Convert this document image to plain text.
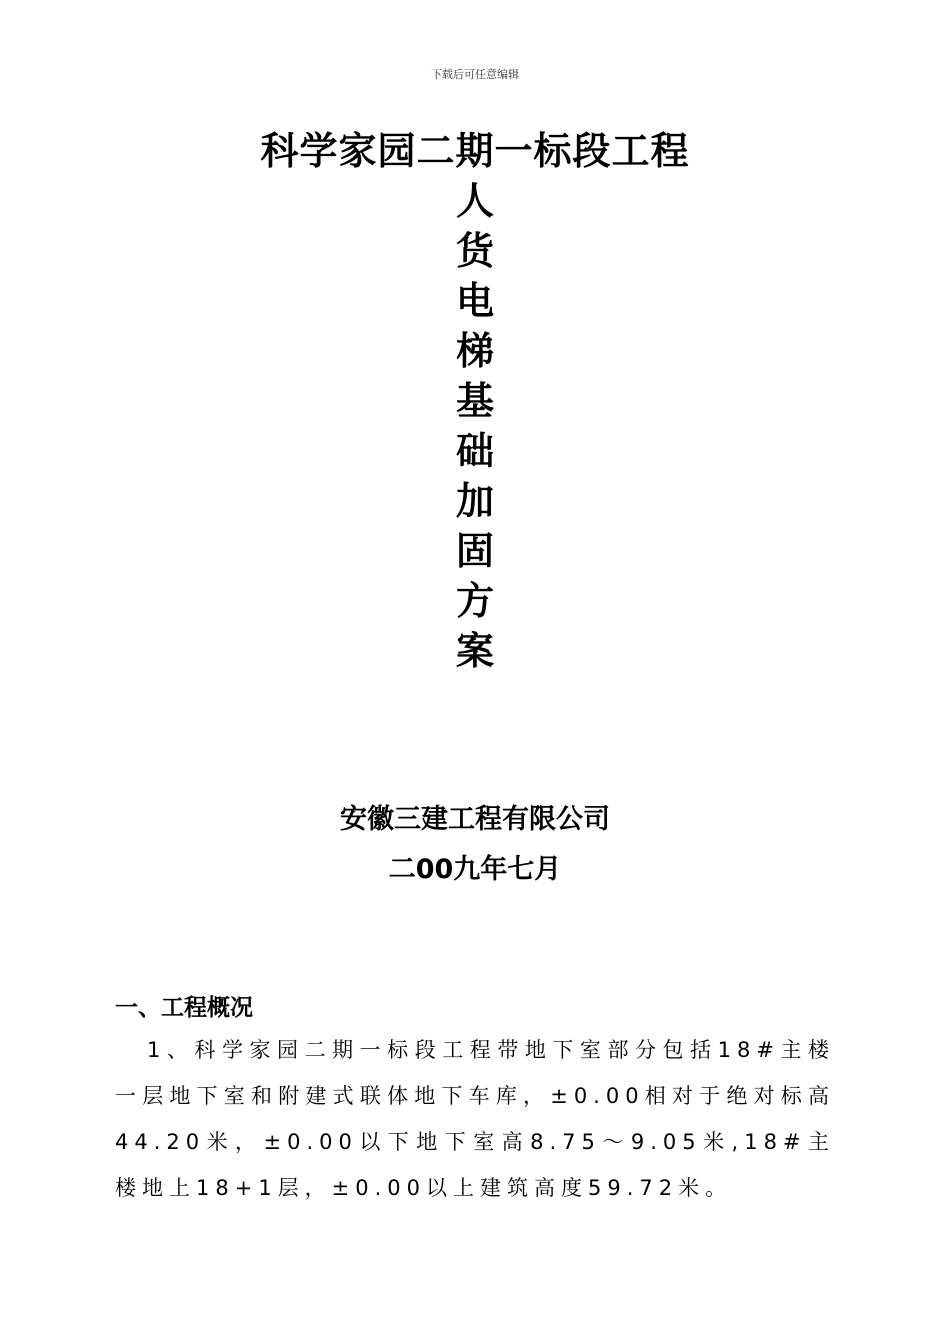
下载后可任意编辑
科学家园二期一标段工程
人
货
电
梯
基
础
加
固
方
案
安徽三建工程有限公司
二00九年七月
一、工程概况
1、科学家园二期一标段工程带地下室部分包括18#主楼一层地下室和附建式联体地下车库，±0.00相对于绝对标高44.20米，±0.00以下地下室高8.75～9.05米,18#主楼地上18+1层，±0.00以上建筑高度59.72米。
